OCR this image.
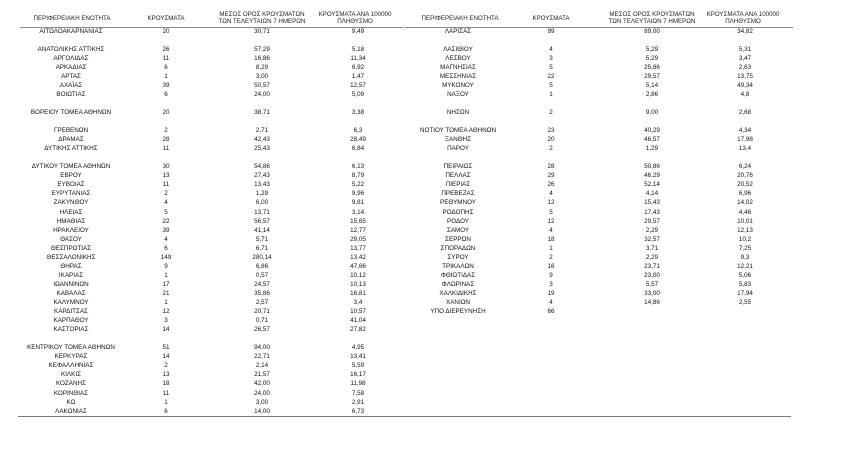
ΠΕΡΙΦΕΡΕΙΑΚΗ ΕΝΟΤΗΤΑ	ΚΡΟΥΣΜΑΤΑ	ΜΕΣΟΣ ΟΡΟΣ ΚΡΟΥΣΜΑΤΩΝ
ΤΩΝ ΤΕΛΕΥΤΑΙΩΝ 7 ΗΜΕΡΩΝ
ΚΡΟΥΣΜΑΤΑ ΑΝΑ 100000
ΠΛΗΘΥΣΜΟ	ΠΕΡΙΦΕΡΕΙΑΚΗ ΕΝΟΤΗΤΑ	ΚΡΟΥΣΜΑΤΑ	ΜΕΣΟΣ ΟΡΟΣ ΚΡΟΥΣΜΑΤΩΝ
ΤΩΝ ΤΕΛΕΥΤΑΙΩΝ 7 ΗΜΕΡΩΝ
ΚΡΟΥΣΜΑΤΑ ΑΝΑ 100000
ΠΛΗΘΥΣΜΟ
ΑΙΤΩΛΟΑΚΑΡΝΑΝΙΑΣ	20	30,71	9,49
ΑΝΑΤΟΛΙΚΗΣ ΑΤΤΙΚΗΣ	26	57,29	5,18
ΑΡΓΟΛΙΔΑΣ	11	16,86	11,34
ΑΡΚΑΔΙΑΣ	6	8,29	6,92
ΑΡΤΑΣ	1	3,00	1,47
ΑΧΑΪΑΣ	39	50,57	12,57
ΒΟΙΩΤΙΑΣ	6	24,00	5,09
ΒΟΡΕΙΟΥ ΤΟΜΕΑ ΑΘΗΝΩΝ	20	38,71	3,38
ΓΡΕΒΕΝΩΝ	2	2,71	6,3
ΔΡΑΜΑΣ	28	42,43	28,49
ΔΥΤΙΚΗΣ ΑΤΤΙΚΗΣ	11	25,43	6,84
ΔΥΤΙΚΟΥ ΤΟΜΕΑ ΑΘΗΝΩΝ	30	54,86	6,13
ΕΒΡΟΥ	13	27,43	8,79
ΕΥΒΟΙΑΣ	11	13,43	5,22
ΕΥΡΥΤΑΝΙΑΣ	2	1,29	9,96
ΖΑΚΥΝΘΟΥ	4	6,00	9,81
ΗΛΕΙΑΣ	5	13,71	3,14
ΗΜΑΘΙΑΣ	22	56,57	15,65
ΗΡΑΚΛΕΙΟΥ	39	41,14	12,77
ΘΑΣΟΥ	4	5,71	29,05
ΘΕΣΠΡΩΤΙΑΣ	6	6,71	13,77
ΘΕΣΣΑΛΟΝΙΚΗΣ	149	280,14	13,42
ΘΗΡΑΣ	9	6,86	47,66
ΙΚΑΡΙΑΣ	1	0,57	10,12
ΙΩΑΝΝΙΝΩΝ	17	24,57	10,13
ΚΑΒΑΛΑΣ	21	35,86	16,81
ΚΑΛΥΜΝΟΥ	1	2,57	3,4
ΚΑΡΔΙΤΣΑΣ	12	20,71	10,57
ΚΑΡΠΑΘΟΥ	3	0,71	41,04
ΚΑΣΤΟΡΙΑΣ	14	26,57	27,82
ΚΕΝΤΡΙΚΟΥ ΤΟΜΕΑ ΑΘΗΝΩΝ	51	94,00	4,95
ΚΕΡΚΥΡΑΣ	14	22,71	13,41
ΚΕΦΑΛΛΗΝΙΑΣ	2	2,14	5,59
ΚΙΛΚΙΣ	13	21,57	16,17
ΚΟΖΑΝΗΣ	18	42,00	11,98
ΚΟΡΙΝΘΙΑΣ	11	24,00	7,58
ΚΩ	1	3,00	2,91
ΛΑΚΩΝΙΑΣ	6	14,00	6,73
ΛΑΡΙΣΑΣ	99	89,00	34,82
ΛΑΣΙΘΙΟΥ	4	5,29	5,31
ΛΕΣΒΟΥ	3	5,29	3,47
ΜΑΓΝΗΣΙΑΣ	5	25,86	2,63
ΜΕΣΣΗΝΙΑΣ	22	29,57	13,75
ΜΥΚΟΝΟΥ	5	5,14	49,34
ΝΑΞΟΥ	1	2,86	4,8
ΝΗΣΩΝ	2	9,00	2,68
ΝΟΤΙΟΥ ΤΟΜΕΑ ΑΘΗΝΩΝ	23	40,29	4,34
ΞΑΝΘΗΣ	20	46,57	17,98
ΠΑΡΟΥ	2	1,29	13,4
ΠΕΙΡΑΙΩΣ	28	50,86	6,24
ΠΕΛΛΑΣ	29	46,29	20,76
ΠΙΕΡΙΑΣ	26	52,14	20,52
ΠΡΕΒΕΖΑΣ	4	4,14	6,96
ΡΕΘΥΜΝΟΥ	12	15,43	14,02
ΡΟΔΟΠΗΣ	5	17,43	4,46
ΡΟΔΟΥ	12	29,57	10,01
ΣΑΜΟΥ	4	2,29	12,13
ΣΕΡΡΩΝ	18	32,57	10,2
ΣΠΟΡΑΔΩΝ	1	3,71	7,25
ΣΥΡΟΥ	2	2,29	9,3
ΤΡΙΚΑΛΩΝ	16	23,71	12,21
ΦΘΙΩΤΙΔΑΣ	9	23,00	5,06
ΦΛΩΡΙΝΑΣ	3	5,57	5,83
ΧΑΛΚΙΔΙΚΗΣ	19	33,00	17,94
ΧΑΝΙΩΝ	4	14,86	2,55
ΥΠΟ ΔΙΕΡΕΥΝΗΣΗ	66
